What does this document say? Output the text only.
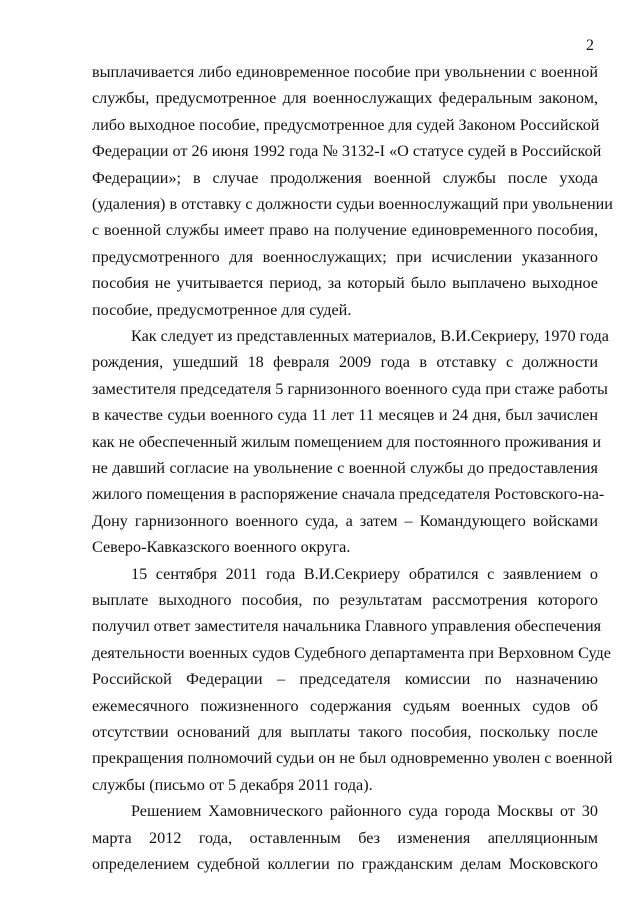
2
выплачивается либо единовременное пособие при увольнении с военной
службы, предусмотренное для военнослужащих федеральным законом,
либо выходное пособие, предусмотренное для судей Законом Российской
Федерации от 26 июня 1992 года № 3132-I «О статусе судей в Российской
Федерации»; в случае продолжения военной службы после ухода
(удаления) в отставку с должности судьи военнослужащий при увольнении
с военной службы имеет право на получение единовременного пособия,
предусмотренного для военнослужащих; при исчислении указанного
пособия не учитывается период, за который было выплачено выходное
пособие, предусмотренное для судей.
Как следует из представленных материалов, В.И.Секриеру, 1970 года
рождения, ушедший 18 февраля 2009 года в отставку с должности
заместителя председателя 5 гарнизонного военного суда при стаже работы
в качестве судьи военного суда 11 лет 11 месяцев и 24 дня, был зачислен
как не обеспеченный жилым помещением для постоянного проживания и
не давший согласие на увольнение с военной службы до предоставления
жилого помещения в распоряжение сначала председателя Ростовского-на-
Дону гарнизонного военного суда, а затем – Командующего войсками
Северо-Кавказского военного округа.
15 сентября 2011 года В.И.Секриеру обратился с заявлением о
выплате выходного пособия, по результатам рассмотрения которого
получил ответ заместителя начальника Главного управления обеспечения
деятельности военных судов Судебного департамента при Верховном Суде
Российской Федерации – председателя комиссии по назначению
ежемесячного пожизненного содержания судьям военных судов об
отсутствии оснований для выплаты такого пособия, поскольку после
прекращения полномочий судьи он не был одновременно уволен с военной
службы (письмо от 5 декабря 2011 года).
Решением Хамовнического районного суда города Москвы от 30
марта 2012 года, оставленным без изменения апелляционным
определением судебной коллегии по гражданским делам Московского
